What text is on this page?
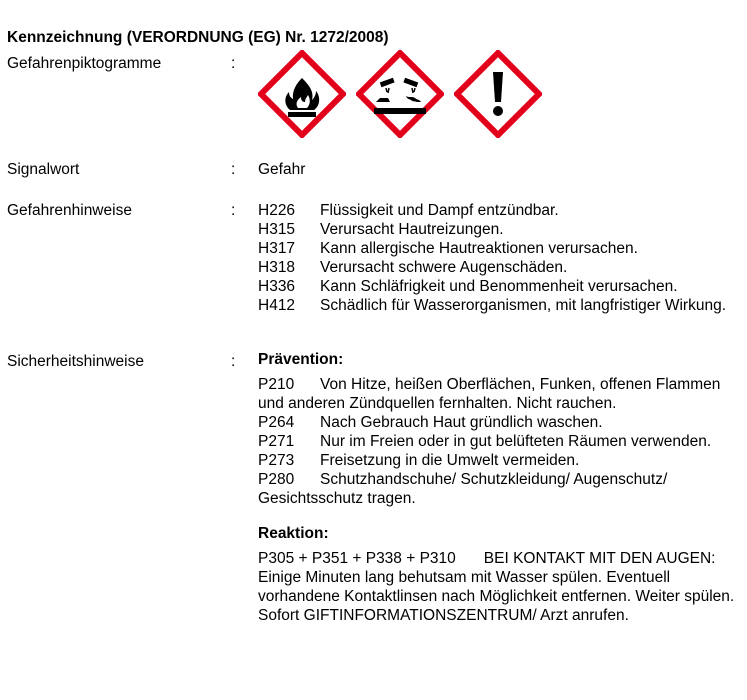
Kennzeichnung (VERORDNUNG (EG) Nr. 1272/2008)
Gefahrenpiktogramme	:
Signalwort	: Gefahr
Gefahrenhinweise	: H226	Flüssigkeit und Dampf entzündbar.
H315	Verursacht Hautreizungen.
H317	Kann allergische Hautreaktionen verursachen.
H318	Verursacht schwere Augenschäden.
H336	Kann Schläfrigkeit und Benommenheit verursachen.
H412	Schädlich für Wasserorganismen, mit langfristiger Wirkung.
Sicherheitshinweise	: Prävention:
P210 Von Hitze, heißen Oberflächen, Funken, offenen Flammen und anderen Zündquellen fernhalten. Nicht rauchen.
P264 Nach Gebrauch Haut gründlich waschen.
P271 Nur im Freien oder in gut belüfteten Räumen verwenden.
P273 Freisetzung in die Umwelt vermeiden.
P280 Schutzhandschuhe/ Schutzkleidung/ Augenschutz/ Gesichtsschutz tragen.
Reaktion:
P305 + P351 + P338 + P310 BEI KONTAKT MIT DEN AUGEN: Einige Minuten lang behutsam mit Wasser spülen. Eventuell vorhandene Kontaktlinsen nach Möglichkeit entfernen. Weiter spülen. Sofort GIFTINFORMATIONSZENTRUM/ Arzt anrufen.
